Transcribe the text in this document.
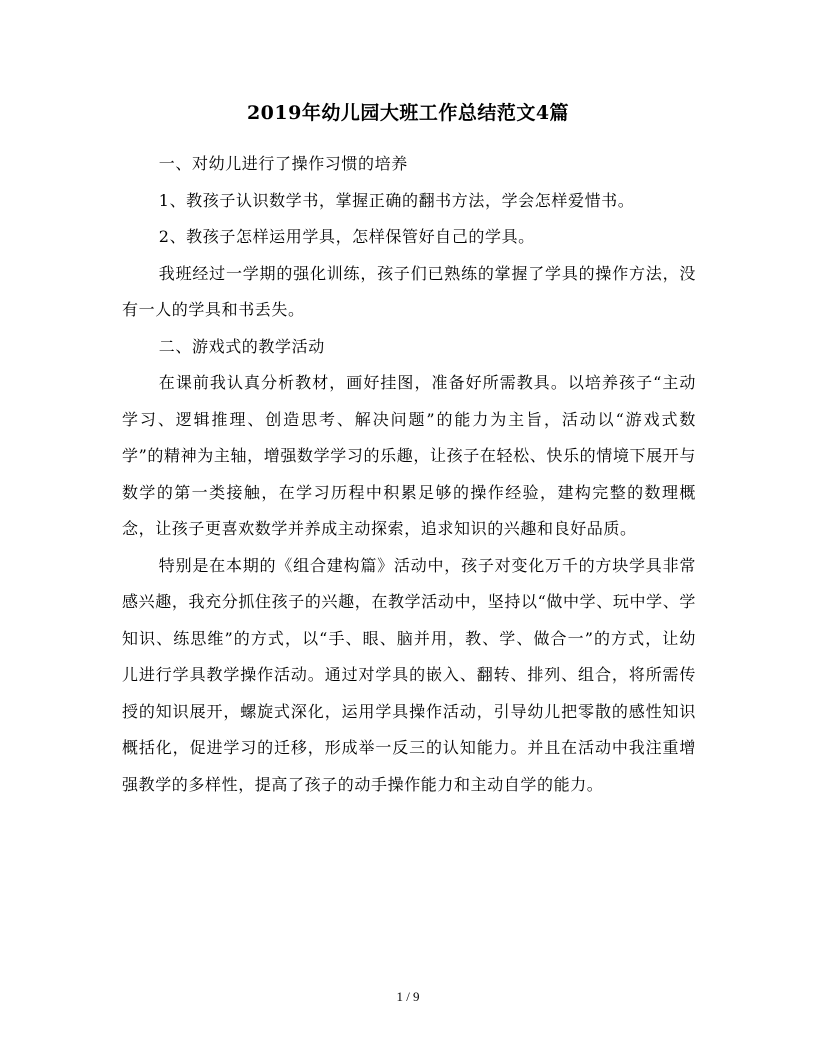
2019年幼儿园大班工作总结范文4篇

一、对幼儿进行了操作习惯的培养

1、教孩子认识数学书，掌握正确的翻书方法，学会怎样爱惜书。

2、教孩子怎样运用学具，怎样保管好自己的学具。

我班经过一学期的强化训练，孩子们已熟练的掌握了学具的操作方法，没有一人的学具和书丢失。

二、游戏式的教学活动

在课前我认真分析教材，画好挂图，准备好所需教具。以培养孩子“主动学习、逻辑推理、创造思考、解决问题”的能力为主旨，活动以“游戏式数学”的精神为主轴，增强数学学习的乐趣，让孩子在轻松、快乐的情境下展开与数学的第一类接触，在学习历程中积累足够的操作经验，建构完整的数理概念，让孩子更喜欢数学并养成主动探索，追求知识的兴趣和良好品质。

特别是在本期的《组合建构篇》活动中，孩子对变化万千的方块学具非常感兴趣，我充分抓住孩子的兴趣，在教学活动中，坚持以“做中学、玩中学、学知识、练思维”的方式，以“手、眼、脑并用，教、学、做合一”的方式，让幼儿进行学具教学操作活动。通过对学具的嵌入、翻转、排列、组合，将所需传授的知识展开，螺旋式深化，运用学具操作活动，引导幼儿把零散的感性知识概括化，促进学习的迁移，形成举一反三的认知能力。并且在活动中我注重增强教学的多样性，提高了孩子的动手操作能力和主动自学的能力。

1 / 9
